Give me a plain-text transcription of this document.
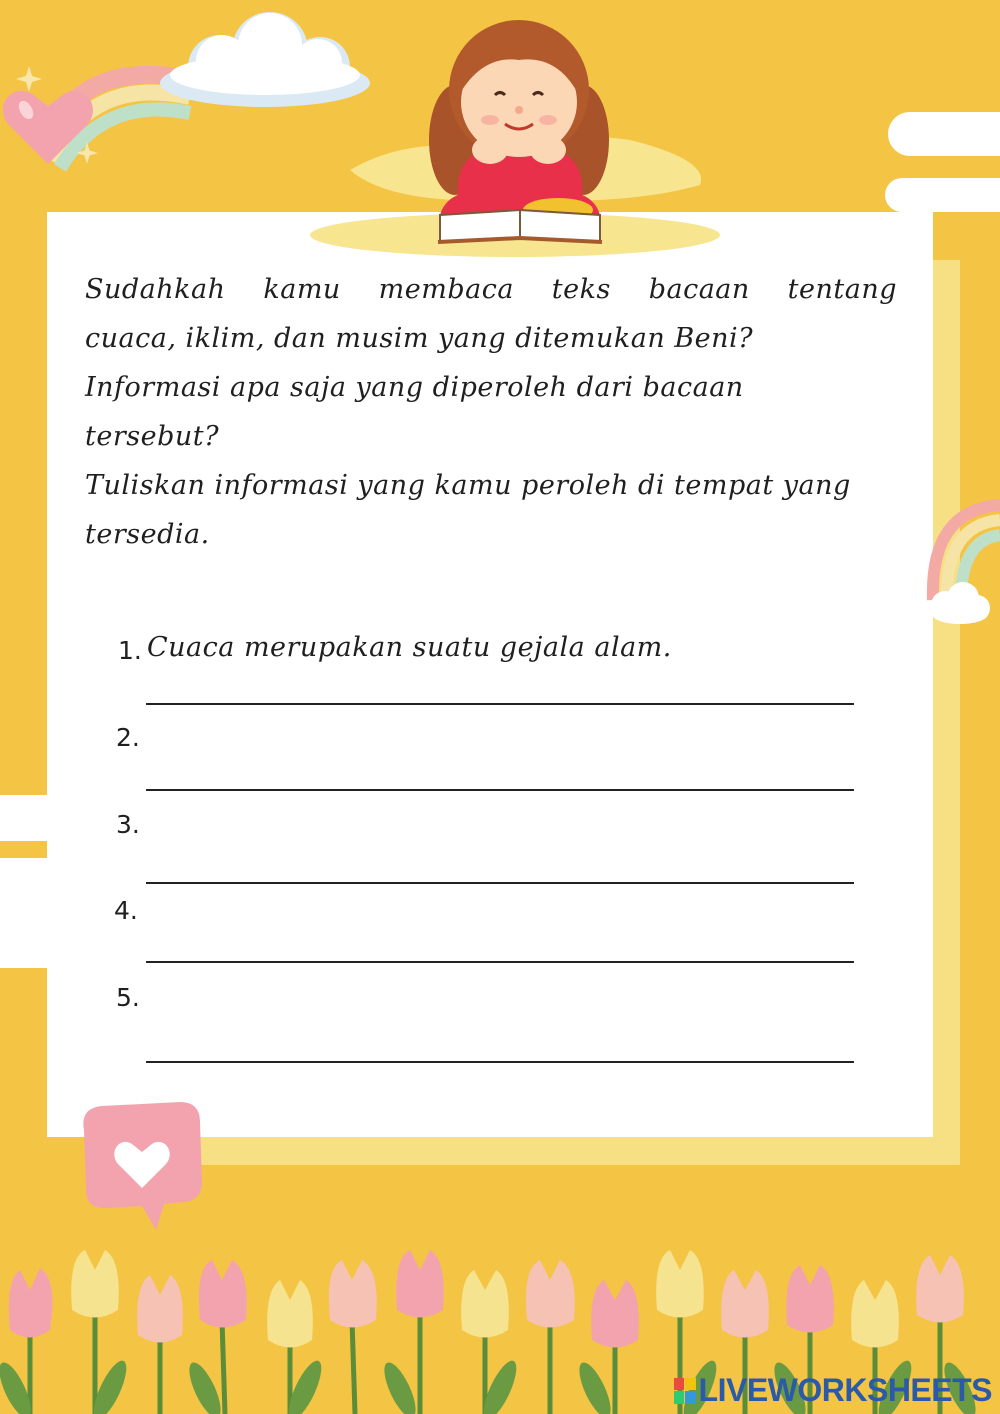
Sudahkah kamu membaca teks bacaan tentang

cuaca, iklim, dan musim yang ditemukan Beni?

Informasi apa saja yang diperoleh dari bacaan

tersebut?

Tuliskan informasi yang kamu peroleh di tempat yang

tersedia.

1. Cuaca merupakan suatu gejala alam.
2.
3.
4.
5.
LIVEWORKSHEETS
